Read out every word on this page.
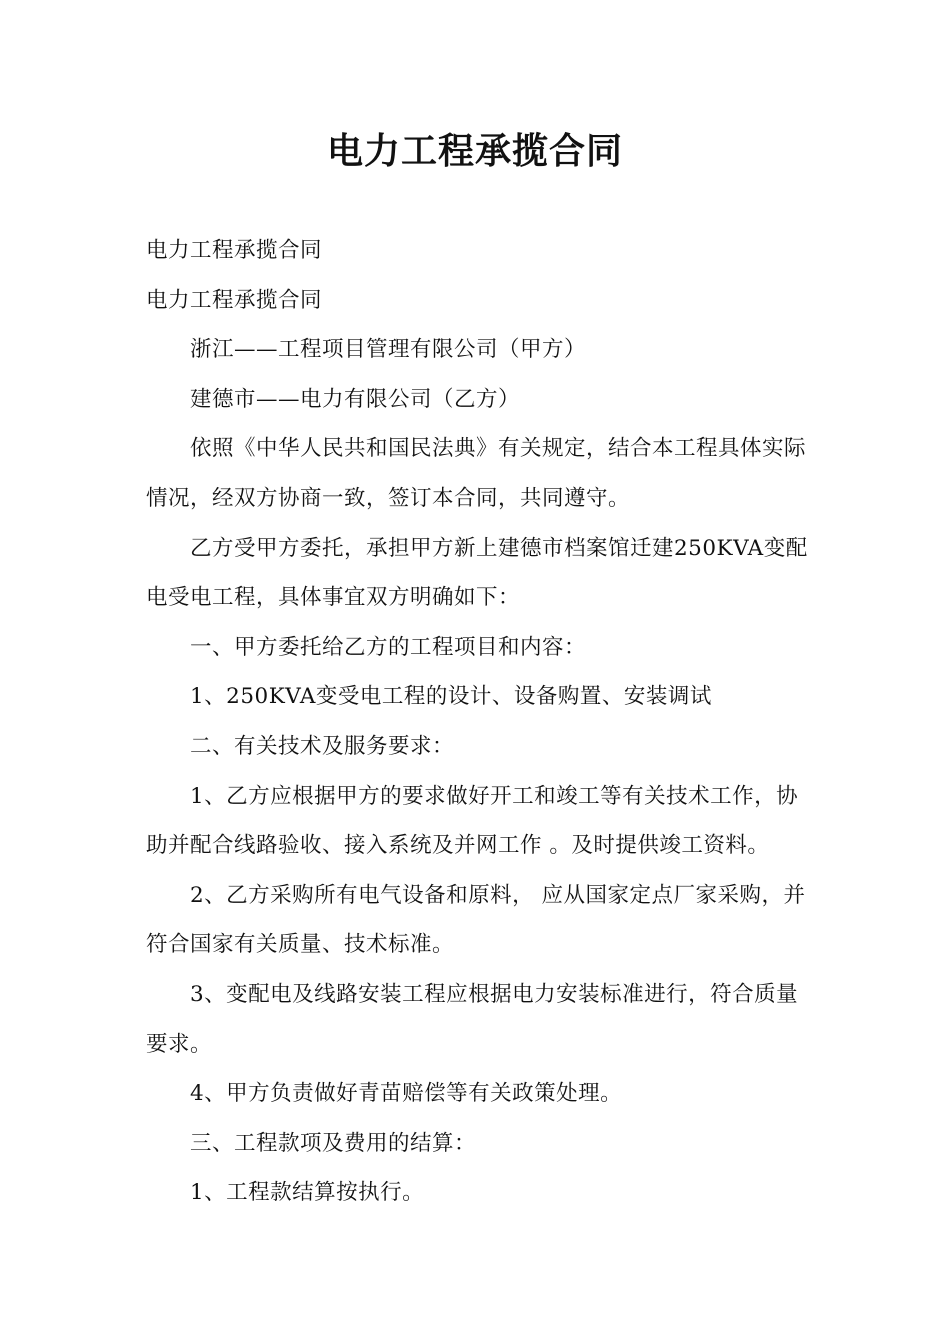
电力工程承揽合同

电力工程承揽合同

电力工程承揽合同

浙江——工程项目管理有限公司（甲方）

建德市——电力有限公司（乙方）

依照《中华人民共和国民法典》有关规定，结合本工程具体实际情况，经双方协商一致，签订本合同，共同遵守。

乙方受甲方委托，承担甲方新上建德市档案馆迁建250KVA变配电受电工程，具体事宜双方明确如下：

一、甲方委托给乙方的工程项目和内容：

1、250KVA变受电工程的设计、设备购置、安装调试

二、有关技术及服务要求：

1、乙方应根据甲方的要求做好开工和竣工等有关技术工作，协助并配合线路验收、接入系统及并网工作 。及时提供竣工资料。

2、乙方采购所有电气设备和原料， 应从国家定点厂家采购，并符合国家有关质量、技术标准。

3、变配电及线路安装工程应根据电力安装标准进行，符合质量要求。

4、甲方负责做好青苗赔偿等有关政策处理。

三、工程款项及费用的结算：

1、工程款结算按执行。
